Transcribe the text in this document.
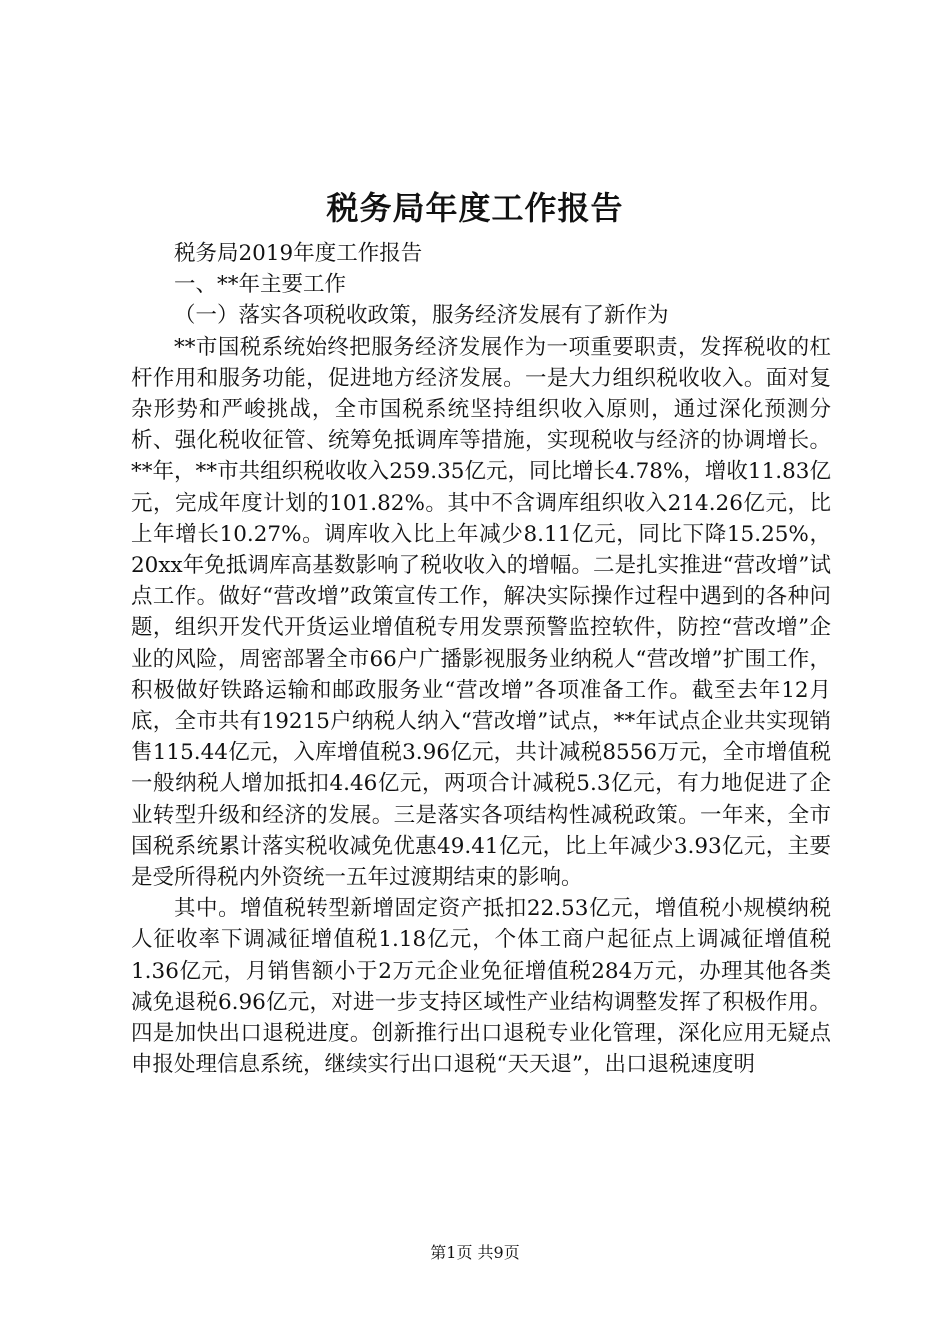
税务局年度工作报告

税务局2019年度工作报告

一、**年主要工作

（一）落实各项税收政策，服务经济发展有了新作为

**市国税系统始终把服务经济发展作为一项重要职责，发挥税收的杠杆作用和服务功能，促进地方经济发展。一是大力组织税收收入。面对复杂形势和严峻挑战，全市国税系统坚持组织收入原则，通过深化预测分析、强化税收征管、统筹免抵调库等措施，实现税收与经济的协调增长。**年，**市共组织税收收入259.35亿元，同比增长4.78%，增收11.83亿元，完成年度计划的101.82%。其中不含调库组织收入214.26亿元，比上年增长10.27%。调库收入比上年减少8.11亿元，同比下降15.25%，20xx年免抵调库高基数影响了税收收入的增幅。二是扎实推进“营改增”试点工作。做好“营改增”政策宣传工作，解决实际操作过程中遇到的各种问题，组织开发代开货运业增值税专用发票预警监控软件，防控“营改增”企业的风险，周密部署全市66户广播影视服务业纳税人“营改增”扩围工作，积极做好铁路运输和邮政服务业“营改增”各项准备工作。截至去年12月底，全市共有19215户纳税人纳入“营改增”试点，**年试点企业共实现销售115.44亿元，入库增值税3.96亿元，共计减税8556万元，全市增值税一般纳税人增加抵扣4.46亿元，两项合计减税5.3亿元，有力地促进了企业转型升级和经济的发展。三是落实各项结构性减税政策。一年来，全市国税系统累计落实税收减免优惠49.41亿元，比上年减少3.93亿元，主要是受所得税内外资统一五年过渡期结束的影响。

其中。增值税转型新增固定资产抵扣22.53亿元，增值税小规模纳税人征收率下调减征增值税1.18亿元，个体工商户起征点上调减征增值税1.36亿元，月销售额小于2万元企业免征增值税284万元，办理其他各类减免退税6.96亿元，对进一步支持区域性产业结构调整发挥了积极作用。四是加快出口退税进度。创新推行出口退税专业化管理，深化应用无疑点申报处理信息系统，继续实行出口退税“天天退”，出口退税速度明

第1页 共9页
